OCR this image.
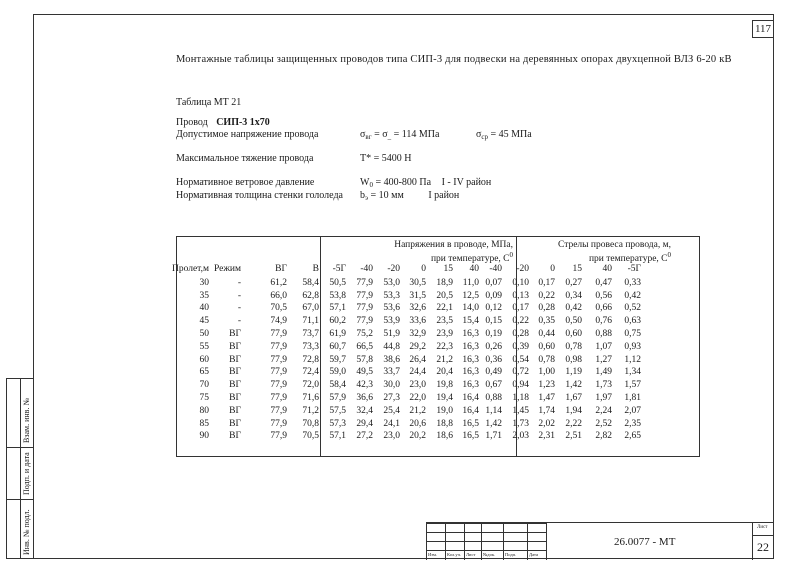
117
Монтажные таблицы защищенных проводов типа СИП-3 для подвески на деревянных опорах двухцепной ВЛЗ 6-20 кВ
Таблица МТ 21
Провод СИП-3 1х70
Допустимое напряжение провода	$\sigma_{вг} = \sigma_{\_} = 114$ МПа	$\sigma_{ср} = 45$ МПа
Максимальное тяжение провода	Т* = 5400 Н
Нормативное ветровое давление	$W_0 = 400-800$ Па I - IV район
Нормативная толщина стенки гололеда $b_э = 10$ мм I район
Напряжения в проводе, МПа,
при температуре, $С^0$
Стрелы провеса провода, м,
при температуре, $С^0$
Пролет,м Режим	ВГ	В -5Г -40 -20 0 15 40 -40 -20 0 15 40 -5Г
30	-	61,2 58,4 50,5 77,9 53,0 30,5 18,9 11,0 0,07 0,10 0,17 0,27 0,47 0,33
35	-	66,0 62,8 53,8 77,9 53,3 31,5 20,5 12,5 0,09 0,13 0,22 0,34 0,56 0,42
40	-	70,5 67,0 57,1 77,9 53,6 32,6 22,1 14,0 0,12 0,17 0,28 0,42 0,66 0,52
45	-	74,9 71,1 60,2 77,9 53,9 33,6 23,5 15,4 0,15 0,22 0,35 0,50 0,76 0,63
50 ВГ	77,9 73,7 61,9 75,2 51,9 32,9 23,9 16,3 0,19 0,28 0,44 0,60 0,88 0,75
55 ВГ	77,9 73,3 60,7 66,5 44,8 29,2 22,3 16,3 0,26 0,39 0,60 0,78 1,07 0,93
60 ВГ	77,9 72,8 59,7 57,8 38,6 26,4 21,2 16,3 0,36 0,54 0,78 0,98 1,27 1,12
65 ВГ	77,9 72,4 59,0 49,5 33,7 24,4 20,4 16,3 0,49 0,72 1,00 1,19 1,49 1,34
70 ВГ	77,9 72,0 58,4 42,3 30,0 23,0 19,8 16,3 0,67 0,94 1,23 1,42 1,73 1,57
75 ВГ	77,9 71,6 57,9 36,6 27,3 22,0 19,4 16,4 0,88 1,18 1,47 1,67 1,97 1,81
80 ВГ	77,9 71,2 57,5 32,4 25,4 21,2 19,0 16,4 1,14 1,45 1,74 1,94 2,24 2,07
85 ВГ	77,9 70,8 57,3 29,4 24,1 20,6 18,8 16,5 1,42 1,73 2,02 2,22 2,52 2,35
90 ВГ	77,9 70,5 57,1 27,2 23,0 20,2 18,6 16,5 1,71 2,03 2,31 2,51 2,82 2,65
Взам. инв. №
Подп. и дата
Инв. № подл.	Изм. Кол.уч. Лист №док. Подп.	Дата
26.0077 - МТ
Лист
22
